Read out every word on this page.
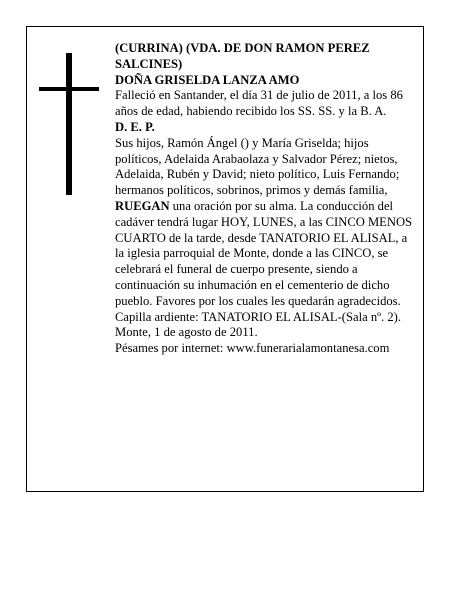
(CURRINA) (VDA. DE DON RAMON PEREZ SALCINES)

DOÑA GRISELDA LANZA AMO

Falleció en Santander, el día 31 de julio de 2011, a los 86 años de edad, habiendo recibido los SS. SS. y la B. A.

D. E. P.

Sus hijos, Ramón Ángel () y María Griselda; hijos políticos, Adelaida Arabaolaza y Salvador Pérez; nietos, Adelaida, Rubén y David; nieto político, Luis Fernando; hermanos políticos, sobrinos, primos y demás familia,

RUEGAN una oración por su alma. La conducción del cadáver tendrá lugar HOY, LUNES, a las CINCO MENOS CUARTO de la tarde, desde TANATORIO EL ALISAL, a la iglesia parroquial de Monte, donde a las CINCO, se celebrará el funeral de cuerpo presente, siendo a continuación su inhumación en el cementerio de dicho pueblo. Favores por los cuales les quedarán agradecidos.

Capilla ardiente: TANATORIO EL ALISAL-(Sala nº. 2).

Monte, 1 de agosto de 2011.

Pésames por internet: www.funerarialamontanesa.com
